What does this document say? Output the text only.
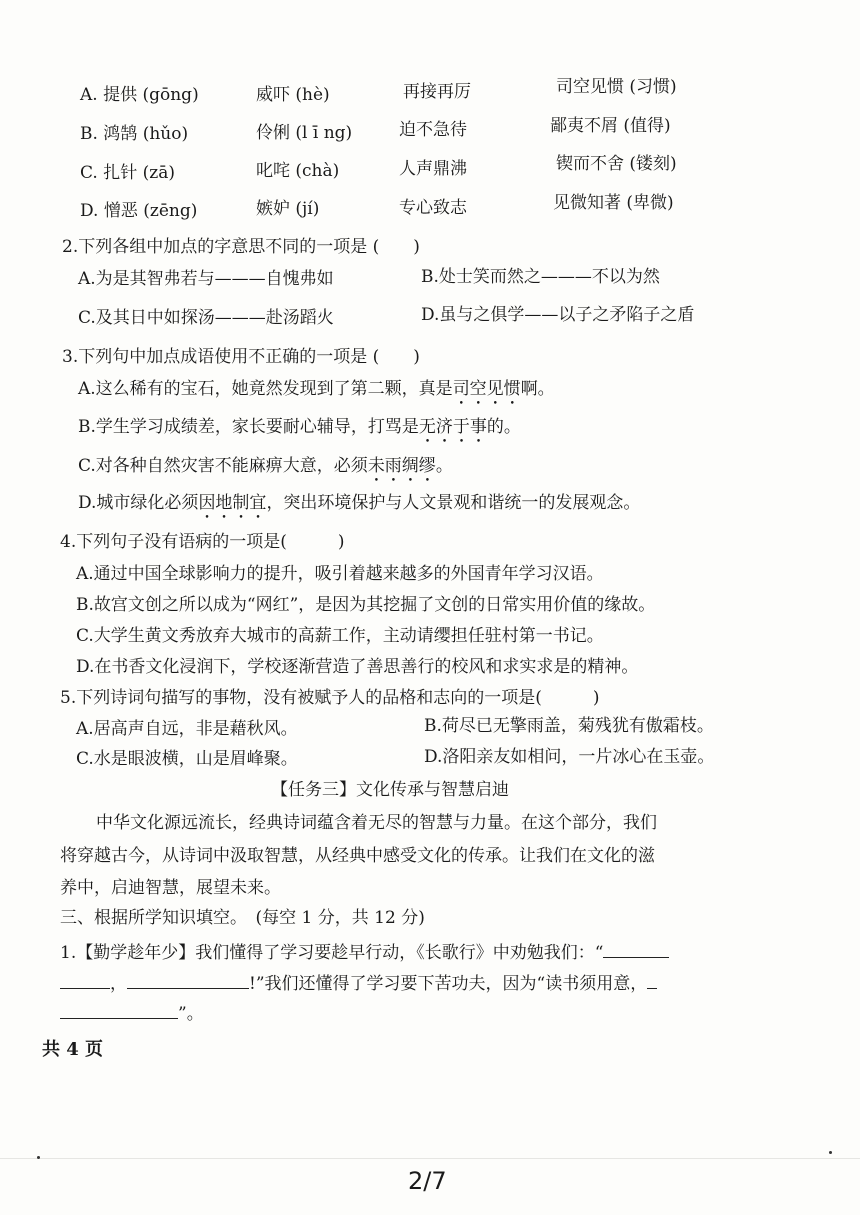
A. 提供 (gōng)	威吓 (hè)	再接再厉	司空见惯 (习惯)
B. 鸿鹄 (hǔo)	伶俐 (l ī ng)	迫不急待	鄙夷不屑 (值得)
C. 扎针 (zā)	叱咤 (chà)	人声鼎沸	锲而不舍 (镂刻)
D. 憎恶 (zēng)	嫉妒 (jí)	专心致志	见微知著 (卑微)
2.下列各组中加点的字意思不同的一项是 (　　)
A.为是其智弗若与———自愧弗如	B.处士笑而然之———不以为然
C.及其日中如探汤———赴汤蹈火	D.虽与之俱学——以子之矛陷子之盾
3.下列句中加点成语使用不正确的一项是 (　　)
A.这么稀有的宝石，她竟然发现到了第二颗，真是司空见惯啊。
B.学生学习成绩差，家长要耐心辅导，打骂是无济于事的。
C.对各种自然灾害不能麻痹大意，必须未雨绸缪。
D.城市绿化必须因地制宜，突出环境保护与人文景观和谐统一的发展观念。
4.下列句子没有语病的一项是(　　　)
A.通过中国全球影响力的提升，吸引着越来越多的外国青年学习汉语。
B.故宫文创之所以成为“网红”，是因为其挖掘了文创的日常实用价值的缘故。
C.大学生黄文秀放弃大城市的高薪工作，主动请缨担任驻村第一书记。
D.在书香文化浸润下，学校逐渐营造了善思善行的校风和求实求是的精神。
5.下列诗词句描写的事物，没有被赋予人的品格和志向的一项是(　　　)
A.居高声自远，非是藉秋风。	B.荷尽已无擎雨盖，菊残犹有傲霜枝。
C.水是眼波横，山是眉峰聚。	D.洛阳亲友如相问，一片冰心在玉壶。
【任务三】文化传承与智慧启迪
中华文化源远流长，经典诗词蕴含着无尽的智慧与力量。在这个部分，我们
将穿越古今，从诗词中汲取智慧，从经典中感受文化的传承。让我们在文化的滋
养中，启迪智慧，展望未来。
三、根据所学知识填空。　(每空 1 分，共 12 分)
1.【勤学趁年少】我们懂得了学习要趁早行动，《长歌行》中劝勉我们：“
，	!”我们还懂得了学习要下苦功夫，因为“读书须用意，
”。
共 4 页
2/7
